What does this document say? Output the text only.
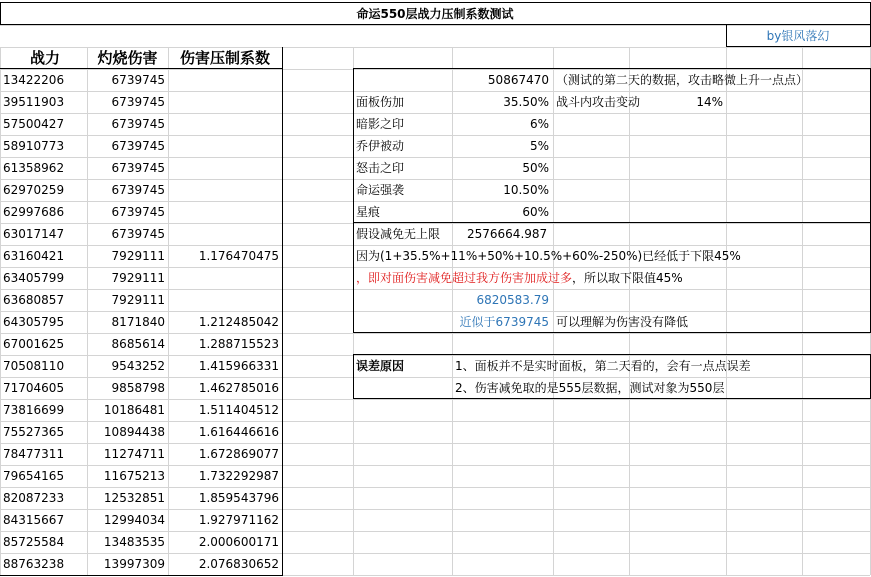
命运550层战力压制系数测试
by银风落幻
战力	灼烧伤害	伤害压制系数
13422206	6739745
39511903	6739745
57500427	6739745
58910773	6739745
61358962	6739745
62970259	6739745
62997686	6739745
63017147	6739745
63160421	7929111	1.176470475
63405799	7929111
63680857	7929111
64305795	8171840	1.212485042
67001625	8685614	1.288715523
70508110	9543252	1.415966331
71704605	9858798	1.462785016
73816699	10186481	1.511404512
75527365	10894438	1.616446616
78477311	11274711	1.672869077
79654165	11675213	1.732292987
82087233	12532851	1.859543796
84315667	12994034	1.927971162
85725584	13483535	2.000600171
88763238	13997309	2.076830652
50867470 （测试的第二天的数据，攻击略微上升一点点）
面板伤加	35.50% 战斗内攻击变动	14%
暗影之印	6%
乔伊被动	5%
怒击之印	50%
命运强袭	10.50%
星痕	60%
假设减免无上限	2576664.987
因为(1+35.5%+11%+50%+10.5%+60%-250%)已经低于下限45%
，即对面伤害减免超过我方伤害加成过多，所以取下限值45%
6820583.79
近似于6739745 可以理解为伤害没有降低
误差原因	1、面板并不是实时面板，第二天看的，会有一点点误差
2、伤害减免取的是555层数据，测试对象为550层
